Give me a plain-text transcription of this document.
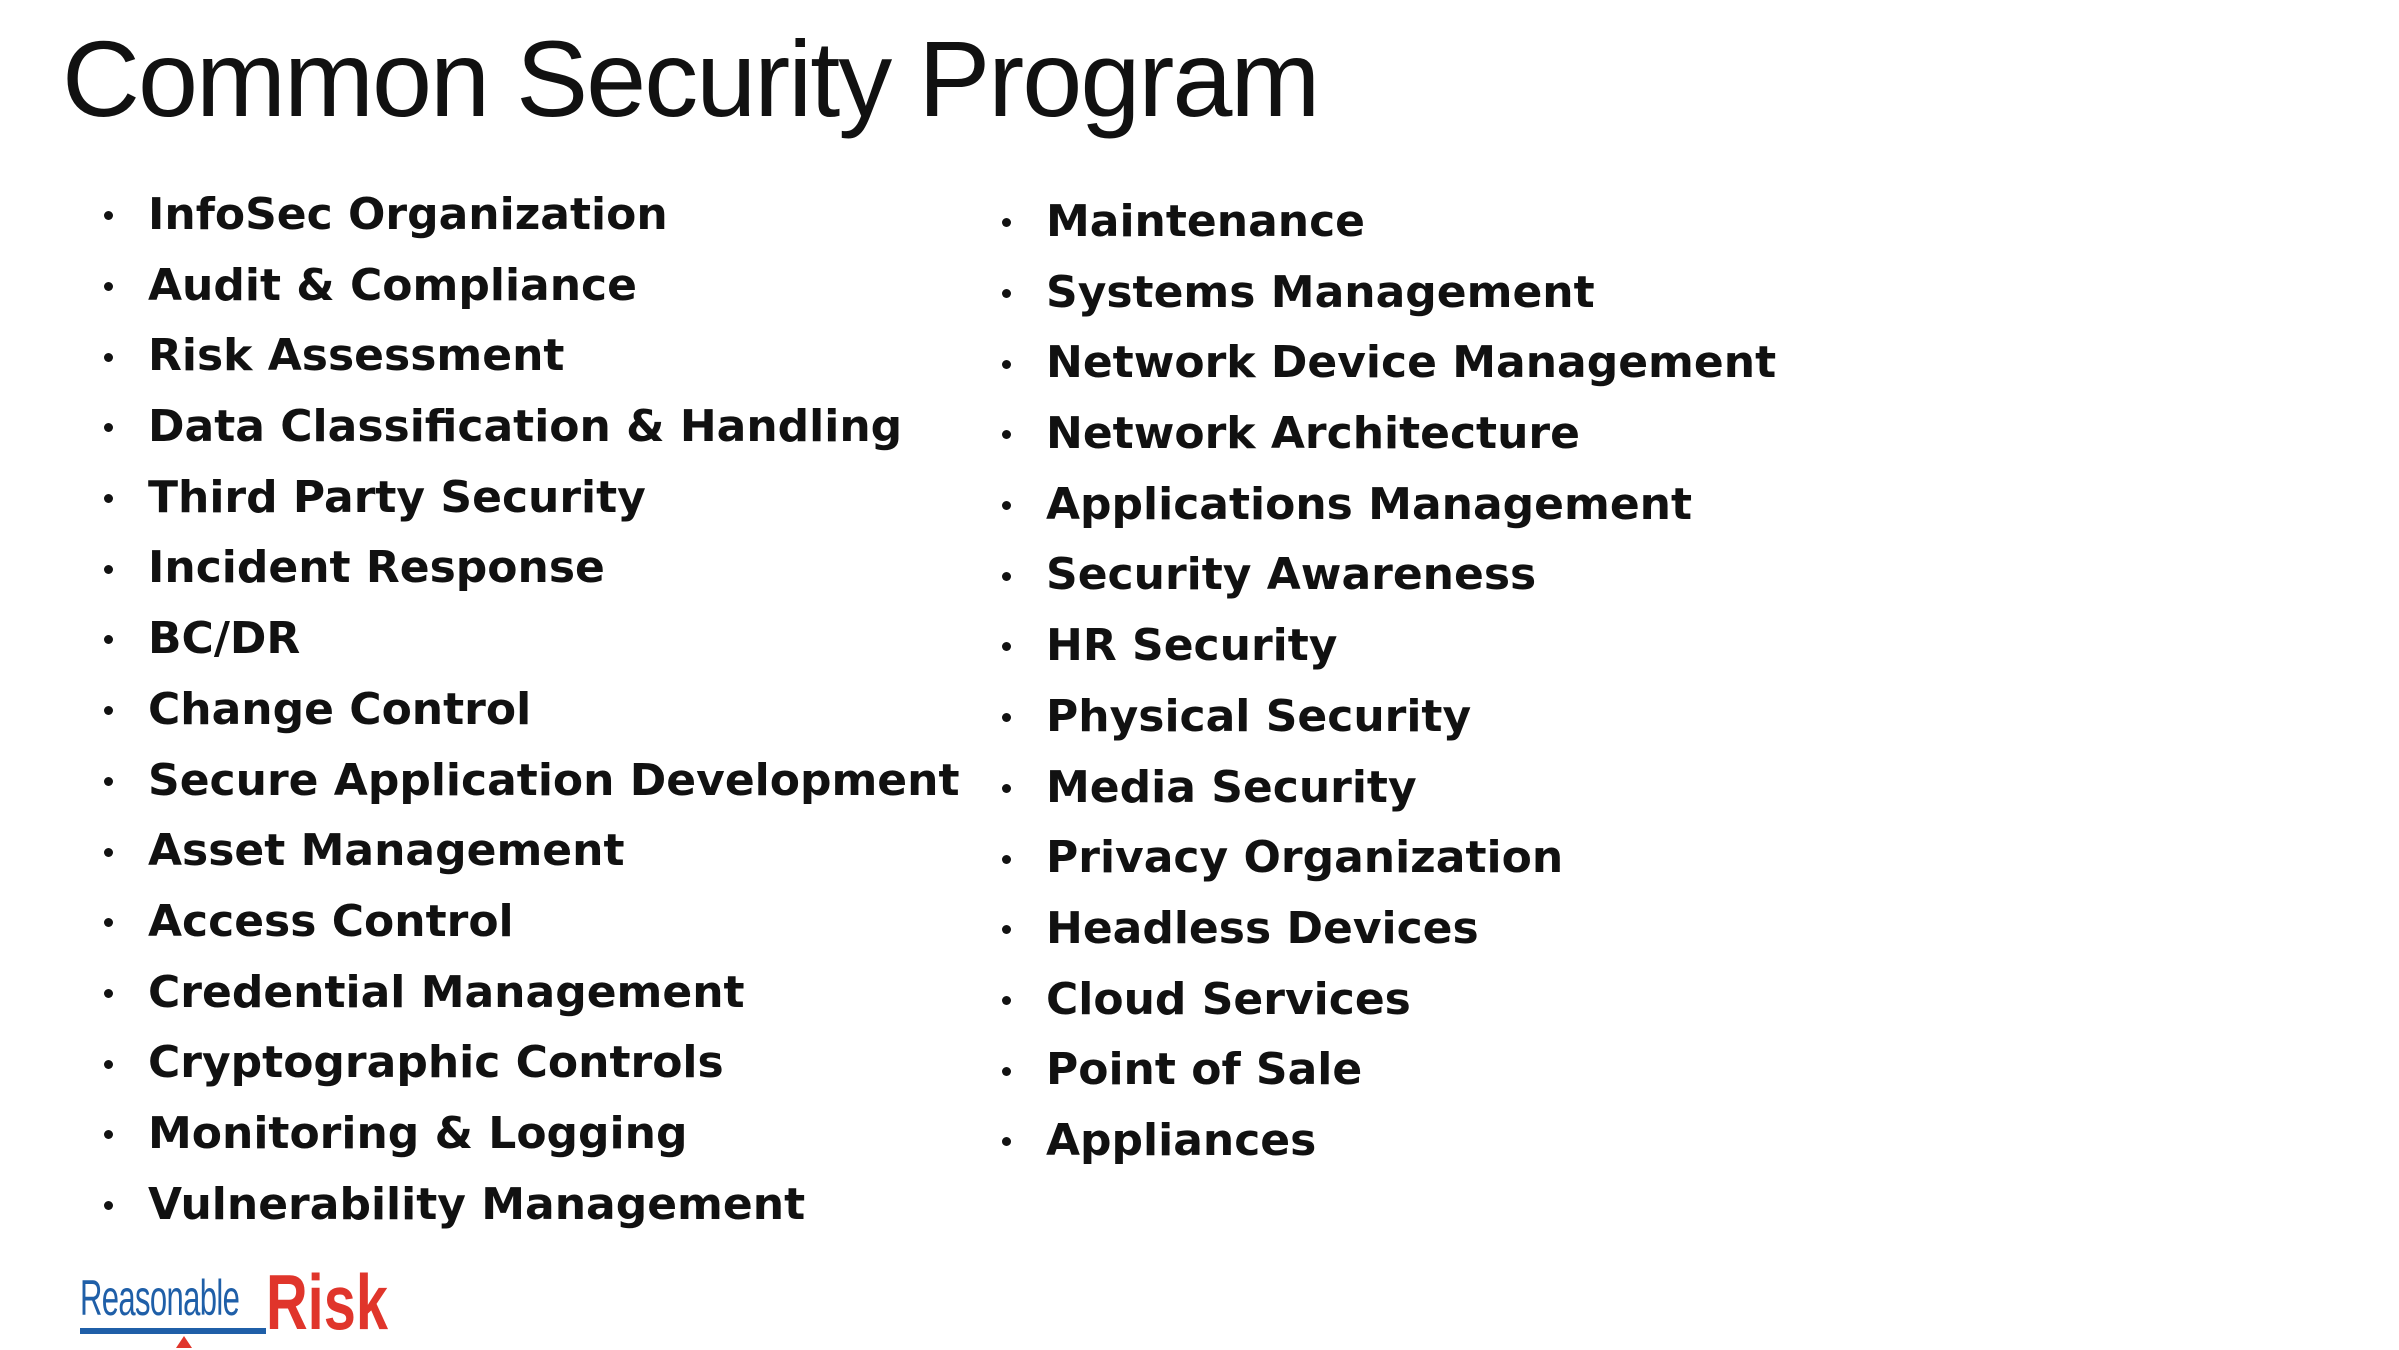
Common Security Program
InfoSec Organization
Audit & Compliance
Risk Assessment
Data Classification & Handling
Third Party Security
Incident Response
BC/DR
Change Control
Secure Application Development
Asset Management
Access Control
Credential Management
Cryptographic Controls
Monitoring & Logging
Vulnerability Management
Maintenance
Systems Management
Network Device Management
Network Architecture
Applications Management
Security Awareness
HR Security
Physical Security
Media Security
Privacy Organization
Headless Devices
Cloud Services
Point of Sale
Appliances
Reasonable Risk
